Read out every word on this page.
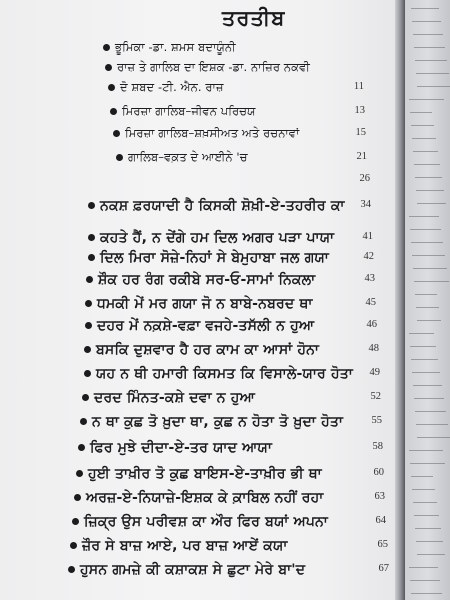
ਤਰਤੀਬ
ਭੂਮਿਕਾ -ਡਾ. ਸ਼ਮਸ ਬਦਾਯੂੰਨੀ
ਰਾਜ਼ ਤੇ ਗਾਲਿਬ ਦਾ ਇਸ਼ਕ -ਡਾ. ਨਾਜ਼ਿਰ ਨਕਵੀ
ਦੋ ਸ਼ਬਦ -ਟੀ. ਐਨ. ਰਾਜ਼	11
ਮਿਰਜ਼ਾ ਗਾਲਿਬ–ਜੀਵਨ ਪਰਿਚਯ	13
ਮਿਰਜ਼ਾ ਗਾਲਿਬ–ਸ਼ਖ਼ਸੀਅਤ ਅਤੇ ਰਚਨਾਵਾਂ	15
ਗਾਲਿਬ–ਵਕ਼ਤ ਦੇ ਆਈਨੇ 'ਚ	21
26
ਨਕਸ਼ ਫ਼ਰਯਾਦੀ ਹੈ ਕਿਸਕੀ ਸ਼ੋਖ਼ੀ-ਏ-ਤਹਰੀਰ ਕਾ	34
ਕਹਤੇ ਹੈਂ, ਨ ਦੇਂਗੇ ਹਮ ਦਿਲ ਅਗਰ ਪੜਾ ਪਾਯਾ	41
ਦਿਲ ਮਿਰਾ ਸੋਜ਼ੇ-ਨਿਹਾਂ ਸੇ ਬੇਮੁਹਾਬਾ ਜਲ ਗਯਾ	42
ਸ਼ੌਕ ਹਰ ਰੰਗ ਰਕੀਬੇ ਸਰ-ਓ-ਸਾਮਾਂ ਨਿਕਲਾ	43
ਧਮਕੀ ਮੇਂ ਮਰ ਗਯਾ ਜੋ ਨ ਬਾਬੇ-ਨਬਰਦ ਥਾ	45
ਦਹਰ ਮੇਂ ਨਕ਼ਸ਼ੇ-ਵਫ਼ਾ ਵਜਹੇ-ਤਸੱਲੀ ਨ ਹੁਆ	46
ਬਸਕਿ ਦੁਸ਼ਵਾਰ ਹੈ ਹਰ ਕਾਮ ਕਾ ਆਸਾਂ ਹੋਨਾ	48
ਯਹ ਨ ਥੀ ਹਮਾਰੀ ਕਿਸਮਤ ਕਿ ਵਿਸਾਲੇ-ਯਾਰ ਹੋਤਾ	49
ਦਰਦ ਮਿੰਨਤ-ਕਸ਼ੇ ਦਵਾ ਨ ਹੁਆ	52
ਨ ਥਾ ਕੁਛ ਤੋ ਖ਼ੁਦਾ ਥਾ, ਕੁਛ ਨ ਹੋਤਾ ਤੋ ਖ਼ੁਦਾ ਹੋਤਾ	55
ਫਿਰ ਮੁਝੇ ਦੀਦਾ-ਏ-ਤਰ ਯਾਦ ਆਯਾ	58
ਹੁਈ ਤਾਖ਼ੀਰ ਤੋ ਕੁਛ ਬਾਇਸ-ਏ-ਤਾਖ਼ੀਰ ਭੀ ਥਾ	60
ਅਰਜ਼-ਏ-ਨਿਯਾਜ਼ੇ-ਇਸ਼ਕ ਕੇ ਕ਼ਾਬਿਲ ਨਹੀਂ ਰਹਾ	63
ਜ਼ਿਕ੍ਰ ਉਸ ਪਰੀਵਸ਼ ਕਾ ਔਰ ਫਿਰ ਬਯਾਂ ਅਪਨਾ	64
ਜ਼ੌਰ ਸੇ ਬਾਜ਼ ਆਏ, ਪਰ ਬਾਜ਼ ਆਏਂ ਕਯਾ	65
ਹੁਸਨ ਗਮਜ਼ੇ ਕੀ ਕਸ਼ਾਕਸ਼ ਸੇ ਛੁਟਾ ਮੇਰੇ ਬਾ'ਦ	67
